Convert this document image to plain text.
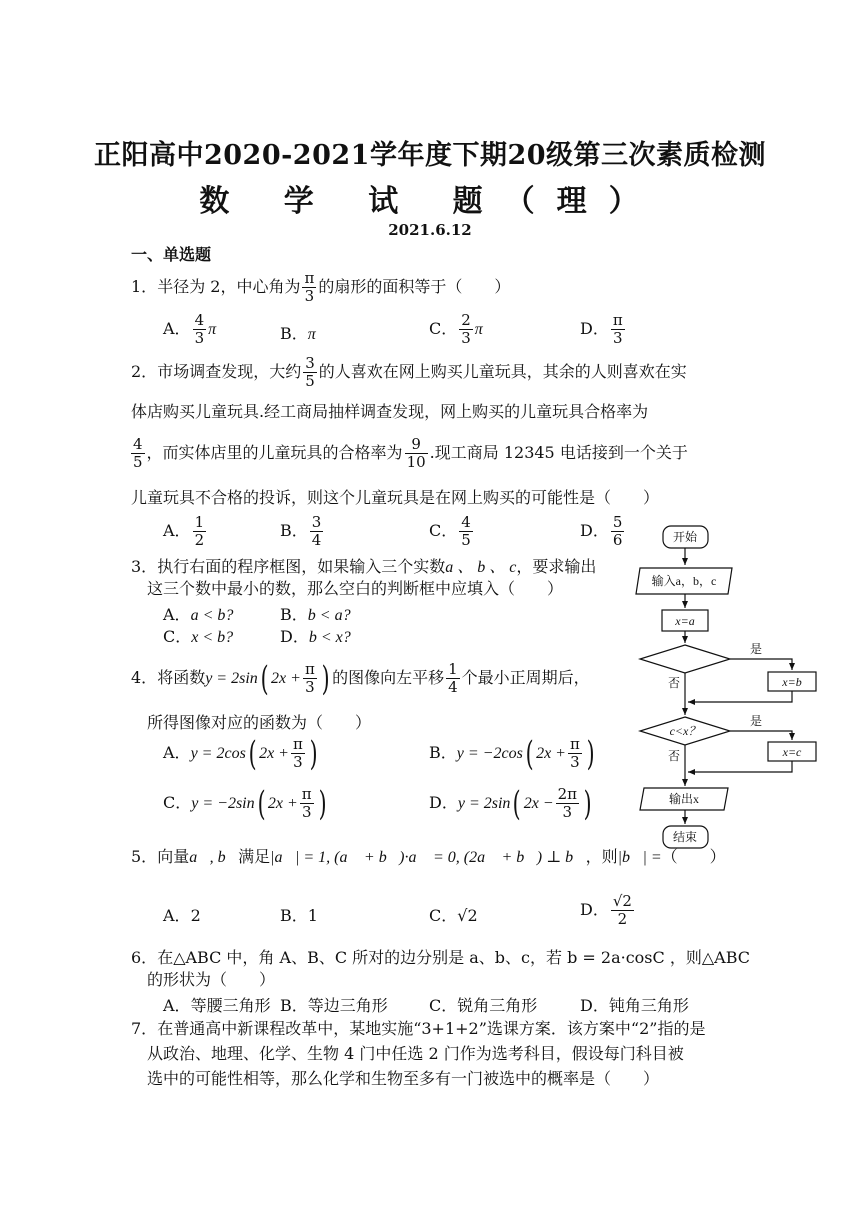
正阳高中2020-2021学年度下期20级第三次素质检测
数 学 试 题（理）
2021.6.12
一、单选题
1．半径为 2，中心角为 $\frac{\pi}{3}$ 的扇形的面积等于（　　）
A． $\frac{4}{3}$ π	B．π	C． $\frac{2}{3}$ π	D． $\frac{\pi}{3}$
2．市场调查发现，大约 $\frac{3}{5}$ 的人喜欢在网上购买儿童玩具，其余的人则喜欢在实
体店购买儿童玩具.经工商局抽样调查发现，网上购买的儿童玩具合格率为
$\frac{4}{5}$ ，而实体店里的儿童玩具的合格率为 $\frac{9}{10}$ .现工商局 12345 电话接到一个关于
儿童玩具不合格的投诉，则这个儿童玩具是在网上购买的可能性是（　　）
A． $\frac{1}{2}$	B． $\frac{3}{4}$	C． $\frac{4}{5}$	D． $\frac{5}{6}$
3．执行右面的程序框图，如果输入三个实数a 、 b 、 c，要求输出
这三个数中最小的数，那么空白的判断框中应填入（　　）
A．a < b?	B．b < a?
C．x < b?	D．b < x?
4．将函数y = 2sin( $2x + \frac{\pi}{3}$ ) 的图像向左平移 $\frac{1}{4}$ 个最小正周期后，
所得图像对应的函数为（　　）
A．y = 2cos( $2x + \frac{\pi}{3}$ )	B．y = −2cos( $2x + \frac{\pi}{3}$ )
C．y = −2sin( $2x + \frac{\pi}{3}$ )	D．y = 2sin( $2x - \frac{2\pi}{3}$ )
5．向量a⃗, b⃗满足|a⃗| = 1, (a⃗ + b⃗)·a⃗ = 0, (2a⃗ + b⃗) ⊥ b⃗，则|b⃗| =（　　）
A．2	B．1	C．√2	D． $\frac{√2}{2}$
6．在△ABC 中，角 A、B、C 所对的边分别是 a、b、c，若 b = 2a·cosC ，则△ABC
的形状为（　　）
A．等腰三角形 B．等边三角形	C．锐角三角形	D．钝角三角形
7．在普通高中新课程改革中，某地实施“3+1+2”选课方案．该方案中“2”指的是
从政治、地理、化学、生物 4 门中任选 2 门作为选考科目，假设每门科目被
选中的可能性相等，那么化学和生物至多有一门被选中的概率是（　　）
开始
输入a，b，c
x=a
是
否	x=b
c<x？
是
否	x=c
输出x
结束
